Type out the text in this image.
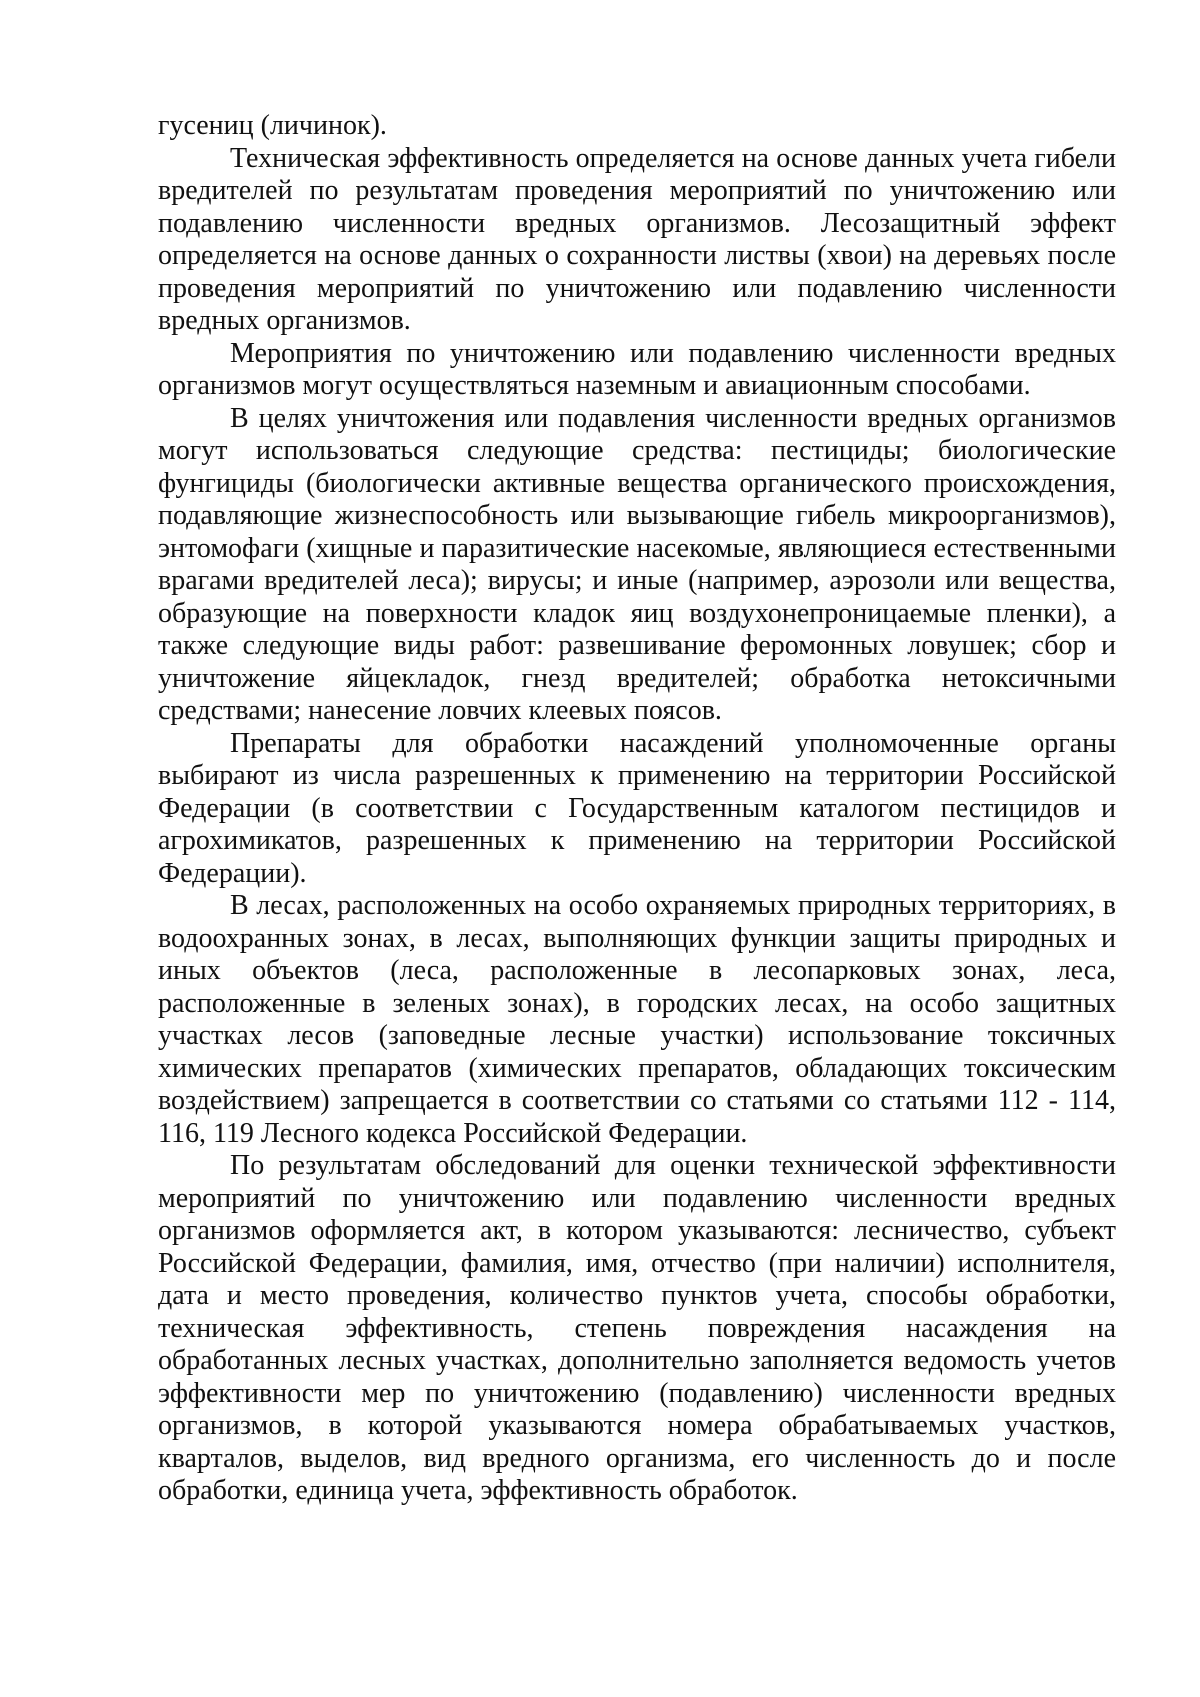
гусениц (личинок).

Техническая эффективность определяется на основе данных учета гибели вредителей по результатам проведения мероприятий по уничтожению или подавлению численности вредных организмов. Лесозащитный эффект определяется на основе данных о сохранности листвы (хвои) на деревьях после проведения мероприятий по уничтожению или подавлению численности вредных организмов.

Мероприятия по уничтожению или подавлению численности вредных организмов могут осуществляться наземным и авиационным способами.

В целях уничтожения или подавления численности вредных организмов могут использоваться следующие средства: пестициды; биологические фунгициды (биологически активные вещества органического происхождения, подавляющие жизнеспособность или вызывающие гибель микроорганизмов), энтомофаги (хищные и паразитические насекомые, являющиеся естественными врагами вредителей леса); вирусы; и иные (например, аэрозоли или вещества, образующие на поверхности кладок яиц воздухонепроницаемые пленки), а также следующие виды работ: развешивание феромонных ловушек; сбор и уничтожение яйцекладок, гнезд вредителей; обработка нетоксичными средствами; нанесение ловчих клеевых поясов.

Препараты для обработки насаждений уполномоченные органы выбирают из числа разрешенных к применению на территории Российской Федерации (в соответствии с Государственным каталогом пестицидов и агрохимикатов, разрешенных к применению на территории Российской Федерации).

В лесах, расположенных на особо охраняемых природных территориях, в водоохранных зонах, в лесах, выполняющих функции защиты природных и иных объектов (леса, расположенные в лесопарковых зонах, леса, расположенные в зеленых зонах), в городских лесах, на особо защитных участках лесов (заповедные лесные участки) использование токсичных химических препаратов (химических препаратов, обладающих токсическим воздействием) запрещается в соответствии со статьями со статьями 112 - 114, 116, 119 Лесного кодекса Российской Федерации.

По результатам обследований для оценки технической эффективности мероприятий по уничтожению или подавлению численности вредных организмов оформляется акт, в котором указываются: лесничество, субъект Российской Федерации, фамилия, имя, отчество (при наличии) исполнителя, дата и место проведения, количество пунктов учета, способы обработки, техническая эффективность, степень повреждения насаждения на обработанных лесных участках, дополнительно заполняется ведомость учетов эффективности мер по уничтожению (подавлению) численности вредных организмов, в которой указываются номера обрабатываемых участков, кварталов, выделов, вид вредного организма, его численность до и после обработки, единица учета, эффективность обработок.
